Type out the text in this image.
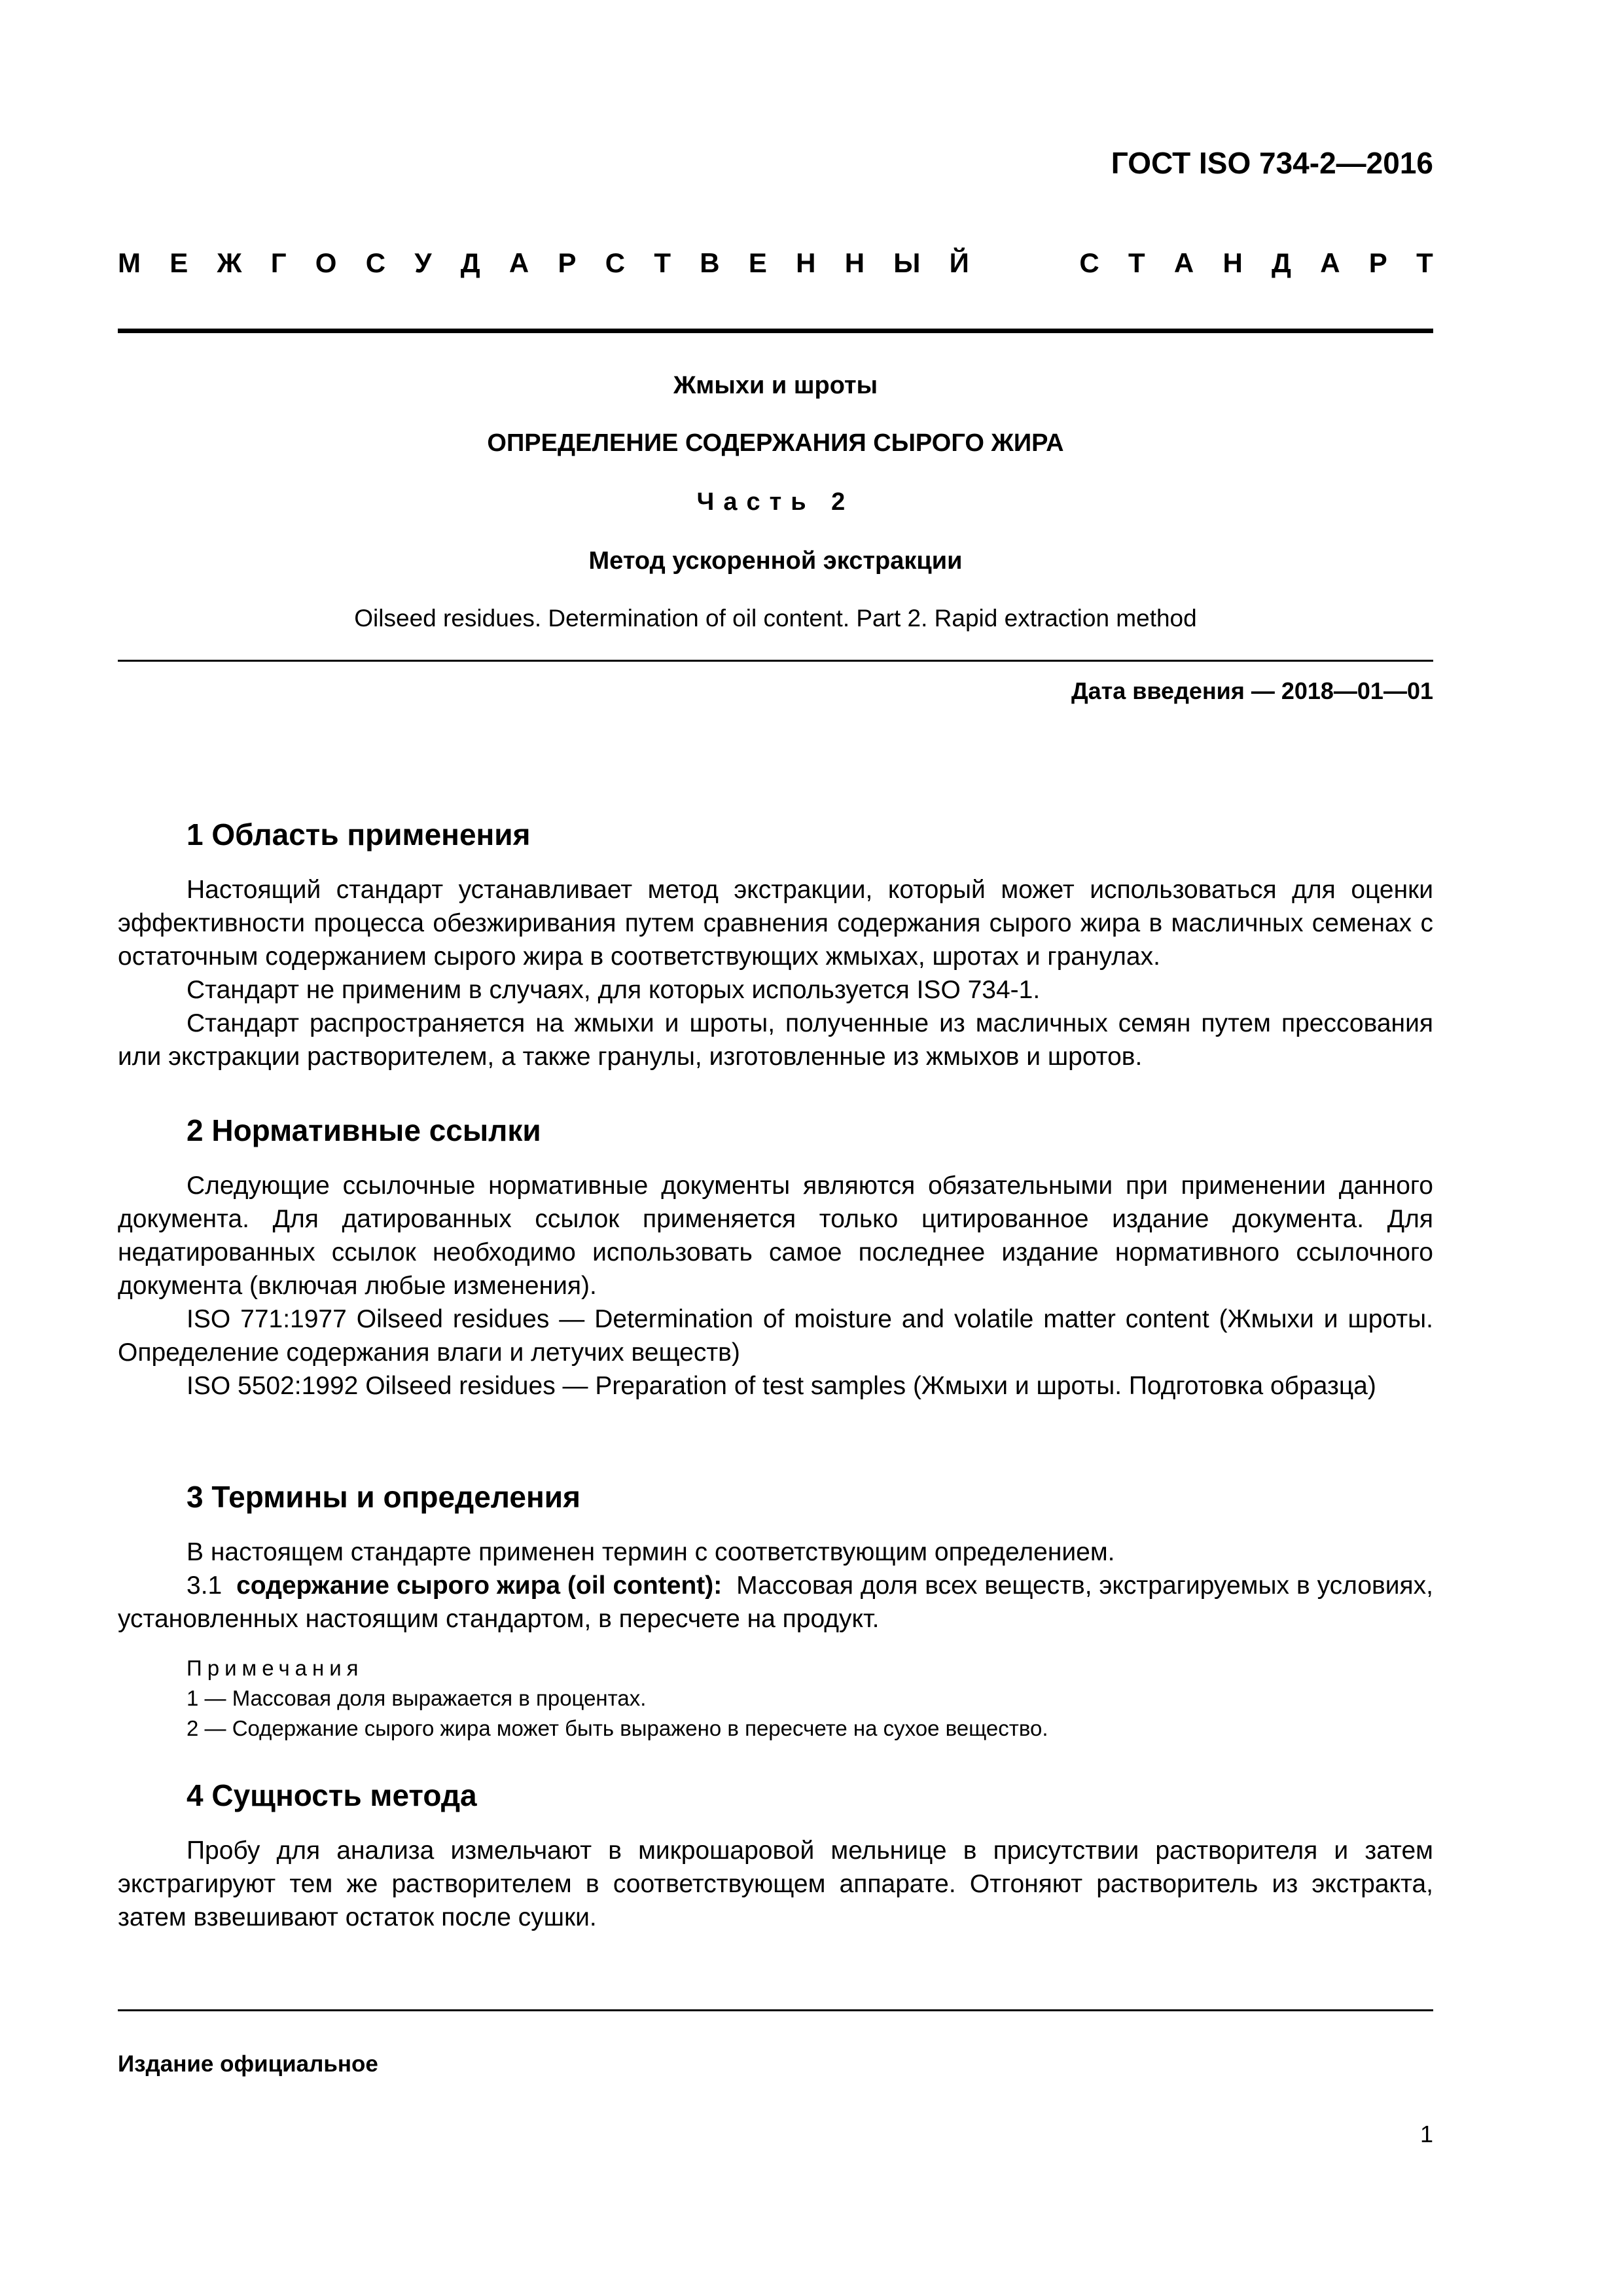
ГОСТ ISO 734-2—2016
М Е Ж Г О С У Д А Р С Т В Е Н Н Ы Й	С Т А Н Д А Р Т
Жмыхи и шроты
ОПРЕДЕЛЕНИЕ СОДЕРЖАНИЯ СЫРОГО ЖИРА
Часть 2
Метод ускоренной экстракции
Oilseed residues. Determination of oil content. Part 2. Rapid extraction method
Дата введения — 2018—01—01
1 Область применения

Настоящий стандарт устанавливает метод экстракции, который может использоваться для оценки эффективности процесса обезжиривания путем сравнения содержания сырого жира в масличных семенах с остаточным содержанием сырого жира в соответствующих жмыхах, шротах и гранулах.

Стандарт не применим в случаях, для которых используется ISO 734-1.

Стандарт распространяется на жмыхи и шроты, полученные из масличных семян путем прессования или экстракции растворителем, а также гранулы, изготовленные из жмыхов и шротов.

2 Нормативные ссылки

Следующие ссылочные нормативные документы являются обязательными при применении данного документа. Для датированных ссылок применяется только цитированное издание документа. Для недатированных ссылок необходимо использовать самое последнее издание нормативного ссылочного документа (включая любые изменения).

ISO 771:1977 Oilseed residues — Determination of moisture and volatile matter content (Жмыхи и шроты. Определение содержания влаги и летучих веществ)

ISO 5502:1992 Oilseed residues — Preparation of test samples (Жмыхи и шроты. Подготовка образца)

3 Термины и определения

В настоящем стандарте применен термин с соответствующим определением.

3.1 содержание сырого жира (oil content): Массовая доля всех веществ, экстрагируемых в условиях, установленных настоящим стандартом, в пересчете на продукт.

Примечания
1 — Массовая доля выражается в процентах.
2 — Содержание сырого жира может быть выражено в пересчете на сухое вещество.
4 Сущность метода

Пробу для анализа измельчают в микрошаровой мельнице в присутствии растворителя и затем экстрагируют тем же растворителем в соответствующем аппарате. Отгоняют растворитель из экстракта, затем взвешивают остаток после сушки.

Издание официальное
1
